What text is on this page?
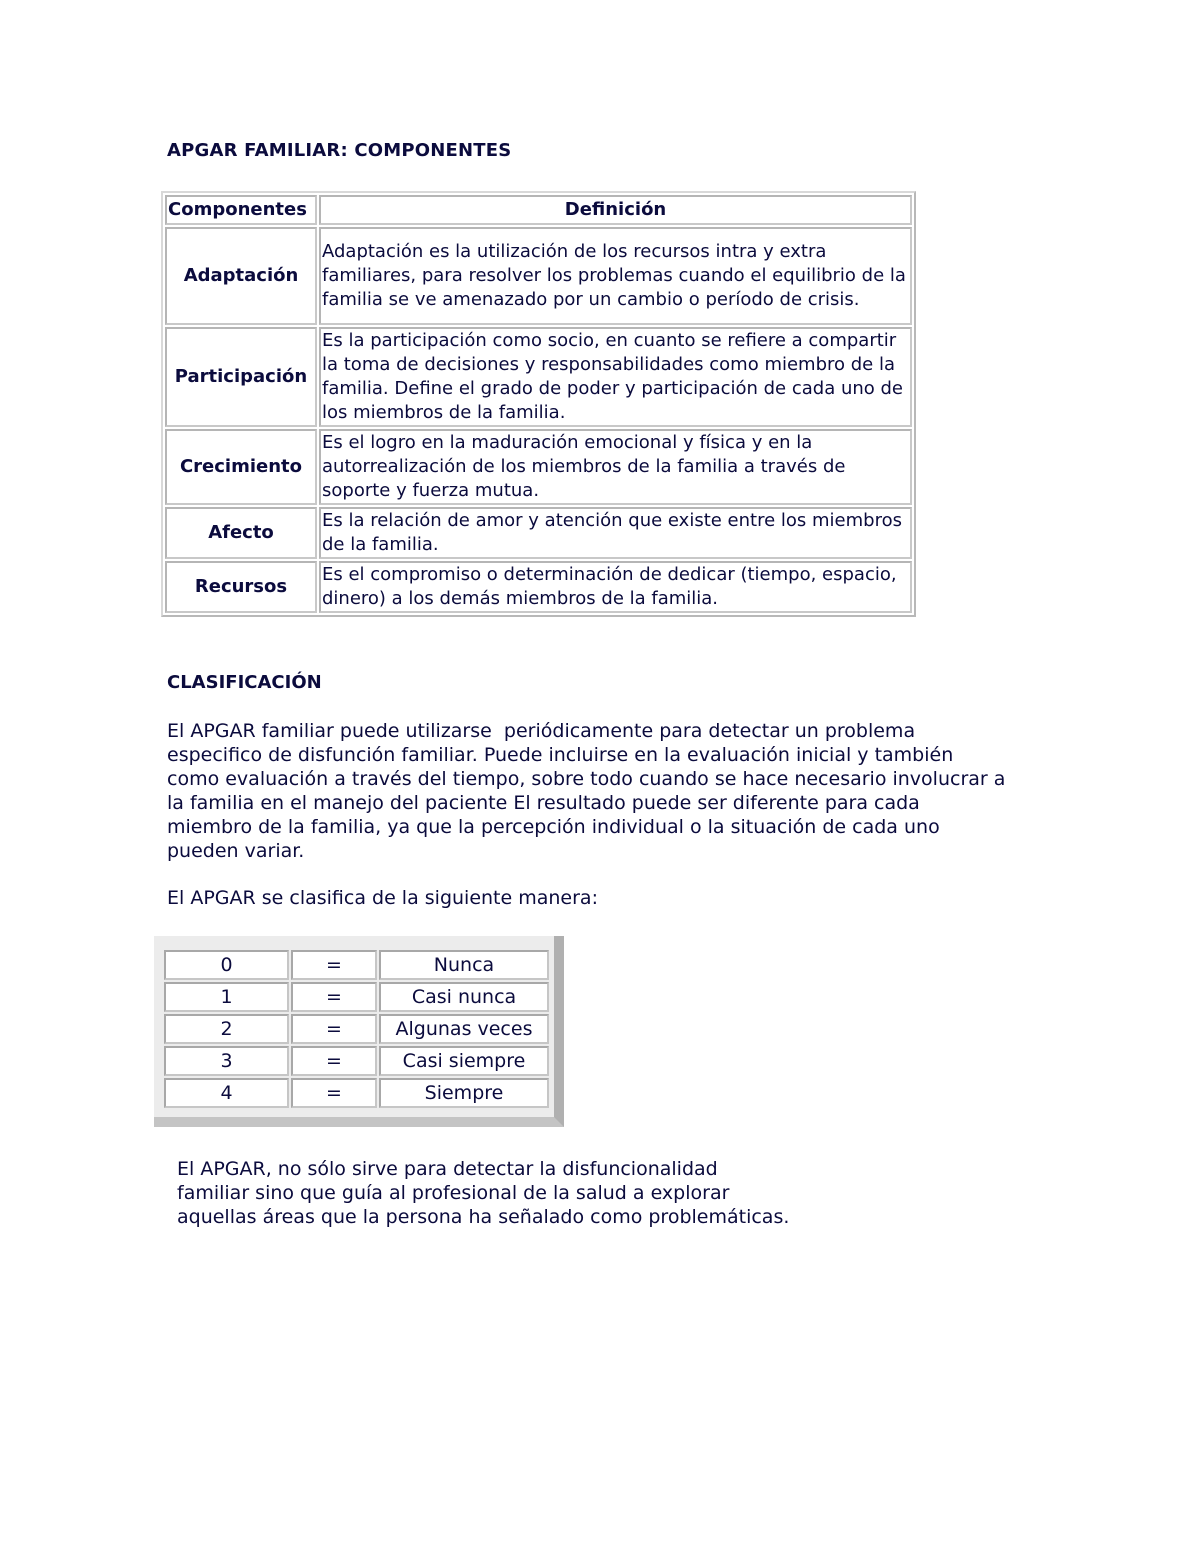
APGAR FAMILIAR: COMPONENTES
Componentes	Definición
Adaptación	Adaptación es la utilización de los recursos intra y extra familiares, para resolver los problemas cuando el equilibrio de la familia se ve amenazado por un cambio o período de crisis.
Participación	Es la participación como socio, en cuanto se refiere a compartir la toma de decisiones y responsabilidades como miembro de la familia. Define el grado de poder y participación de cada uno de los miembros de la familia.
Crecimiento	Es el logro en la maduración emocional y física y en la autorrealización de los miembros de la familia a través de soporte y fuerza mutua.
Afecto	Es la relación de amor y atención que existe entre los miembros de la familia.
Recursos	Es el compromiso o determinación de dedicar (tiempo, espacio, dinero) a los demás miembros de la familia.
CLASIFICACIÓN
El APGAR familiar puede utilizarse  periódicamente para detectar un problema
especifico de disfunción familiar. Puede incluirse en la evaluación inicial y también
como evaluación a través del tiempo, sobre todo cuando se hace necesario involucrar a
la familia en el manejo del paciente El resultado puede ser diferente para cada
miembro de la familia, ya que la percepción individual o la situación de cada uno
pueden variar.
El APGAR se clasifica de la siguiente manera:
0	=	Nunca
1	=	Casi nunca
2	=	Algunas veces
3	=	Casi siempre
4	=	Siempre
El APGAR, no sólo sirve para detectar la disfuncionalidad
familiar sino que guía al profesional de la salud a explorar
aquellas áreas que la persona ha señalado como problemáticas.
